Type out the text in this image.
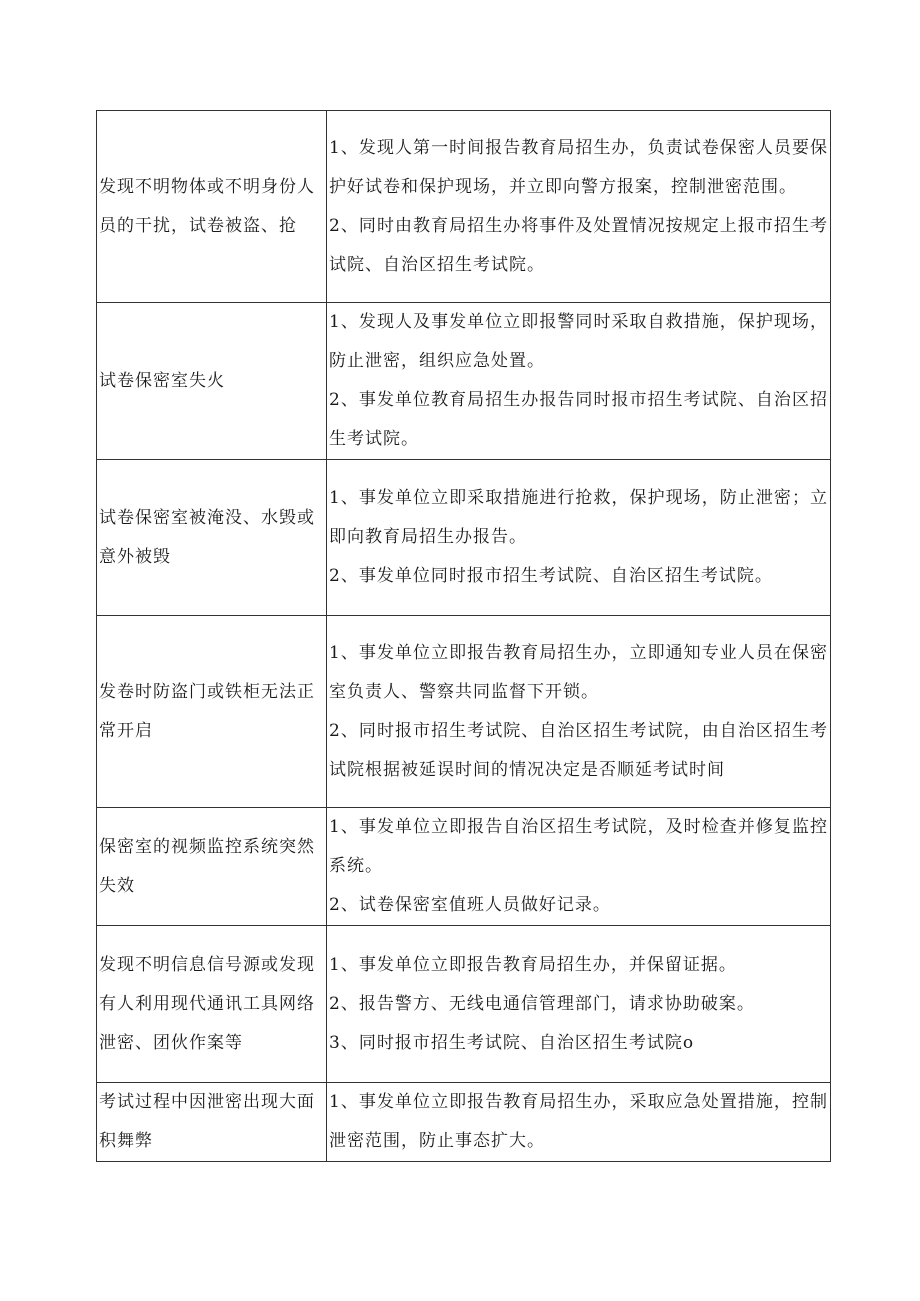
发现不明物体或不明身份人员的干扰，试卷被盗、抢	1、发现人第一时间报告教育局招生办，负责试卷保密人员要保护好试卷和保护现场，并立即向警方报案，控制泄密范围。

2、同时由教育局招生办将事件及处置情况按规定上报市招生考试院、自治区招生考试院。

试卷保密室失火	1、发现人及事发单位立即报警同时采取自救措施，保护现场，防止泄密，组织应急处置。

2、事发单位教育局招生办报告同时报市招生考试院、自治区招生考试院。

试卷保密室被淹没、水毁或意外被毁	1、事发单位立即采取措施进行抢救，保护现场，防止泄密；立即向教育局招生办报告。

2、事发单位同时报市招生考试院、自治区招生考试院。

发卷时防盗门或铁柜无法正常开启	1、事发单位立即报告教育局招生办，立即通知专业人员在保密室负责人、警察共同监督下开锁。

2、同时报市招生考试院、自治区招生考试院，由自治区招生考试院根据被延误时间的情况决定是否顺延考试时间

保密室的视频监控系统突然失效	1、事发单位立即报告自治区招生考试院，及时检查并修复监控系统。

2、试卷保密室值班人员做好记录。

发现不明信息信号源或发现有人利用现代通讯工具网络泄密、团伙作案等	1、事发单位立即报告教育局招生办，并保留证据。

2、报告警方、无线电通信管理部门，请求协助破案。

3、同时报市招生考试院、自治区招生考试院o

考试过程中因泄密出现大面积舞弊	1、事发单位立即报告教育局招生办，采取应急处置措施，控制泄密范围，防止事态扩大。
